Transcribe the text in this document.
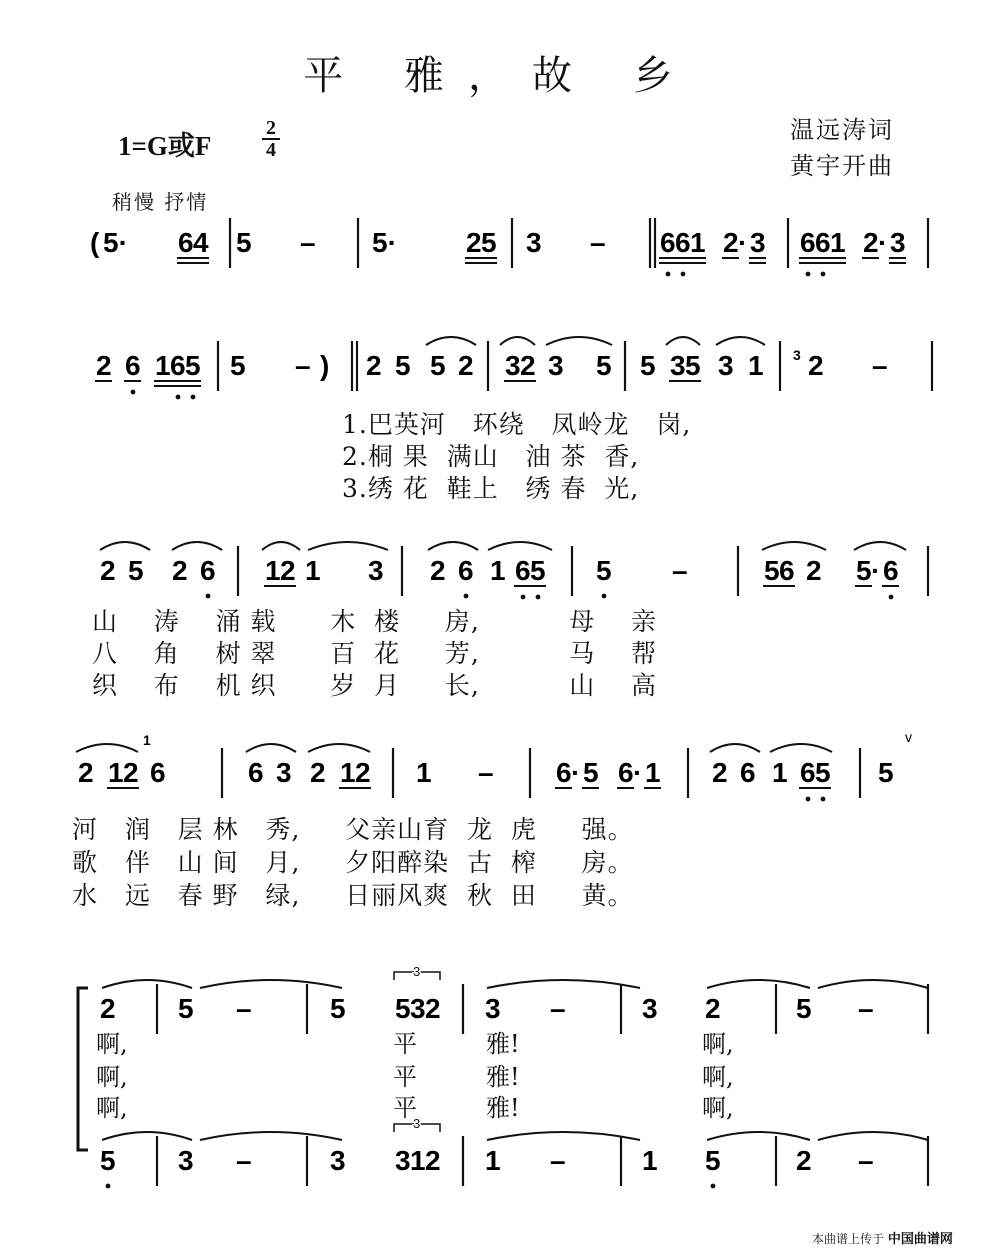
平 雅，故 乡
温远涛词
黄宇开曲
1=G或F
2
4
稍慢 抒情
3
1	v
( 5· 6 4 5 – 5· 2 5 3 – 6 6 1 2 · 3 6 6 1 2 · 3
2 6 1 6 5 5 – ) 2 5 5 2 3 2 3 5 5 3 5 3 1 2 –
2 5 2 6 1 2 1 3 2 6 1 6 5 5 –	5 6 2 5 · 6
2 1 2 6	6 3 2 1 2 1 – 6 · 5 6 · 1 2 6 1 6 5 5
2 5 –	5 5 3 2 3 –	3 2	5 –
3
5 3 –	3 3 1 2 1 –	1 5	2 –
3
1.巴英河   环绕   凤岭龙   岗,
2.桐 果  满山   油 茶  香,
3.绣 花  鞋上   绣 春  光,
山    涛    涌 载      木  楼     房,          母    亲
八    角    树 翠      百  花     芳,          马    帮
织    布    机 织      岁  月     长,          山    高
河   润   层 林   秀,     父亲山育  龙  虎     强。
歌   伴   山 间   月,     夕阳醉染  古  榨     房。
水   远   春 野   绿,     日丽风爽  秋  田     黄。
啊,
啊,
啊,
平
平
平
雅!
雅!
雅!
啊,
啊,
啊,
本曲谱上传于 中国曲谱网
